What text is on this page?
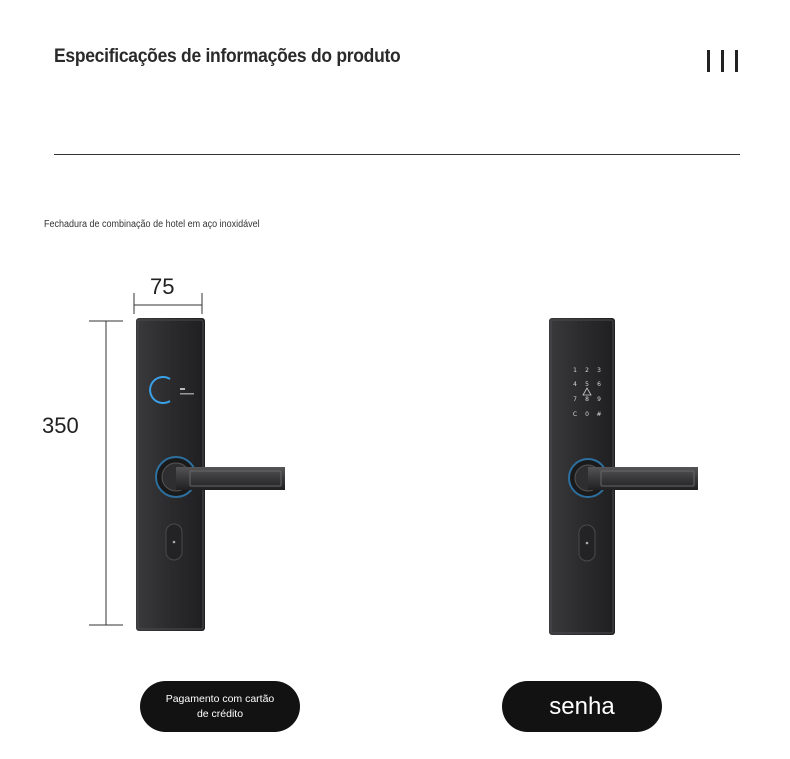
Especificações de informações do produto
Fechadura de combinação de hotel em aço inoxidável
1 2 3
4 5 6
7 8 9
C 0 #
75
350
Pagamento com cartão de crédito	senha
